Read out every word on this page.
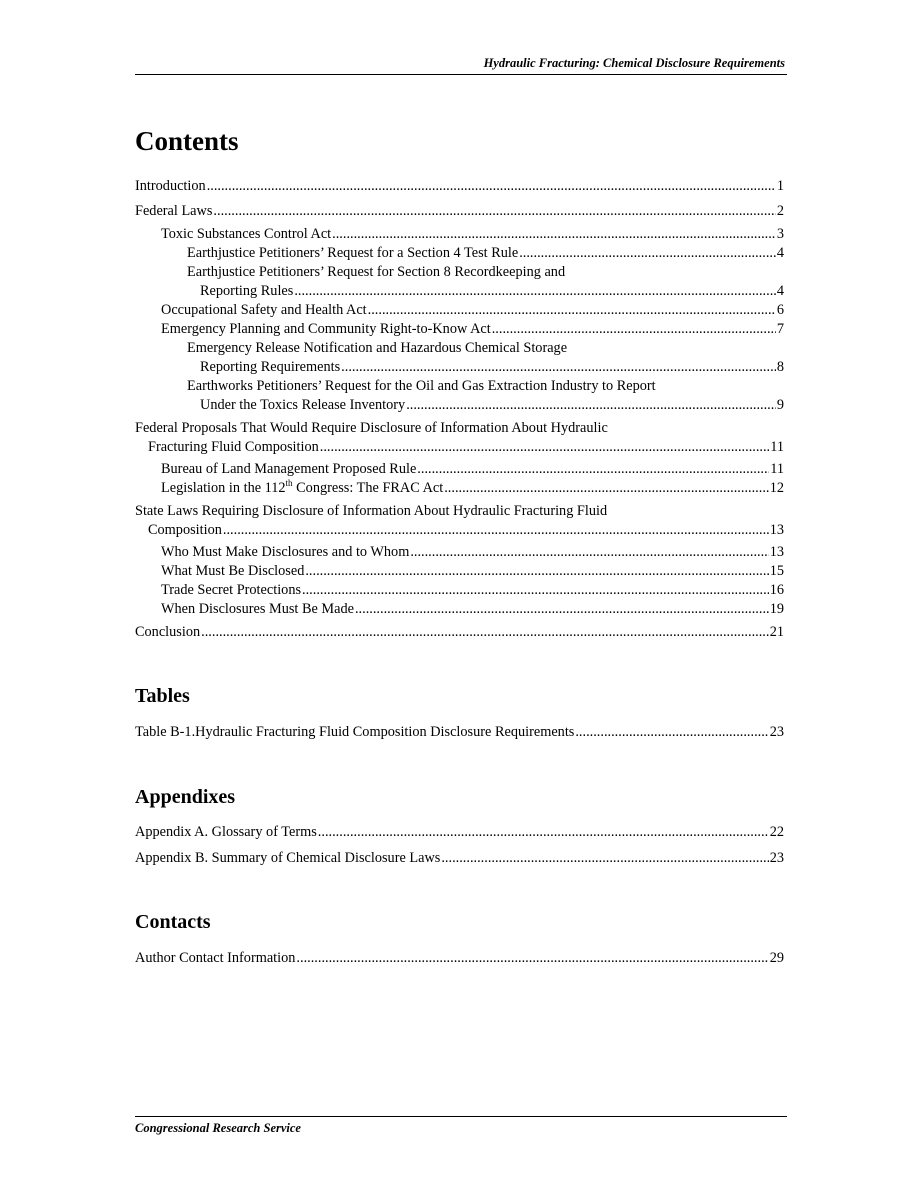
Hydraulic Fracturing: Chemical Disclosure Requirements
Contents
Introduction .....	1
Federal Laws .....	2
Toxic Substances Control Act .....	3
Earthjustice Petitioners’ Request for a Section 4 Test Rule .....	4
Earthjustice Petitioners’ Request for Section 8 Recordkeeping and
Reporting Rules .....	4
Occupational Safety and Health Act .....	6
Emergency Planning and Community Right-to-Know Act .....	7
Emergency Release Notification and Hazardous Chemical Storage
Reporting Requirements .....	8
Earthworks Petitioners’ Request for the Oil and Gas Extraction Industry to Report
Under the Toxics Release Inventory .....	9
Federal Proposals That Would Require Disclosure of Information About Hydraulic
Fracturing Fluid Composition .....	11
Bureau of Land Management Proposed Rule .....	11
Legislation in the 112th Congress: The FRAC Act .....	12
State Laws Requiring Disclosure of Information About Hydraulic Fracturing Fluid
Composition .....	13
Who Must Make Disclosures and to Whom .....	13
What Must Be Disclosed .....	15
Trade Secret Protections .....	16
When Disclosures Must Be Made .....	19
Conclusion .....	21
Tables
Table B-1.Hydraulic Fracturing Fluid Composition Disclosure Requirements .....	23
Appendixes
Appendix A. Glossary of Terms .....	22
Appendix B. Summary of Chemical Disclosure Laws .....	23
Contacts
Author Contact Information .....	29
Congressional Research Service
